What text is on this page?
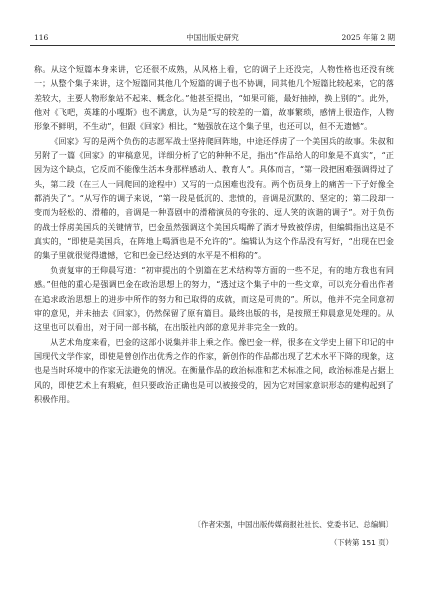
116	中国出版史研究	2025 年第 2 期

称。从这个短篇本身来讲，它还很不成熟，从风格上看，它的调子上还没完，人物性格也还没有统一；从整个集子来讲，这个短篇同其他几个短篇的调子也不协调，同其他几个短篇比较起来，它的落差较大，主要人物形象站不起来、概念化。”他甚至提出，“如果可能，最好抽掉，换上别的”。此外，他对《飞吧，英雄的小嘎斯》也不满意，认为是“写的较差的一篇，故事繁琐，感情上很造作，人物形象不鲜明，不生动”，但跟《回家》相比，“勉强放在这个集子里，也还可以，但不无遗憾”。

《回家》写的是两个负伤的志愿军战士坚持爬回阵地，中途还俘虏了一个美国兵的故事。朱叔和另附了一篇《回家》的审稿意见，详细分析了它的种种不足，指出“作品给人的印象是不真实”，“正因为这个缺点，它反而不能像生活本身那样感动人、教育人”。具体而言，“第一段把困难强调得过了头，第二段（在三人一同爬回的途程中）又写的一点困难也没有。两个伤员身上的痛苦一下子好像全都消失了”。“从写作的调子来说，“第一段是低沉的、悲愤的，音调是沉默的、坚定的；第二段却一变而为轻松的、滑稽的，音调是一种喜剧中的滑稽演员的夸张的、逗人笑的诙谐的调子”。对于负伤的战士俘虏美国兵的关键情节，巴金虽然强调这个美国兵喝醉了酒才导致被俘虏，但编辑指出这是不真实的，“即使是美国兵，在阵地上喝酒也是不允许的”。编辑认为这个作品没有写好，“出现在巴金的集子里就很觉得遗憾，它和巴金已经达到的水平是不相称的”。

负责复审的王仰晨写道：“初审提出的个别篇在艺术结构等方面的一些不足，有的地方我也有同感。”但他的重心是强调巴金在政治思想上的努力，“透过这个集子中的一些文章，可以充分看出作者在追求政治思想上的进步中所作的努力和已取得的成就，而这是可贵的”。所以，他并不完全同意初审的意见，并未抽去《回家》，仍然保留了原有篇目。最终出版的书，是按照王仰晨意见处理的。从这里也可以看出，对于同一部书稿，在出版社内部的意见并非完全一致的。

从艺术角度来看，巴金的这部小说集并非上乘之作。像巴金一样，很多在文学史上留下印记的中国现代文学作家，即使是曾创作出优秀之作的作家，新创作的作品都出现了艺术水平下降的现象，这也是当时环境中的作家无法避免的情况。在衡量作品的政治标准和艺术标准之间，政治标准是占据上风的，即使艺术上有瑕疵，但只要政治正确也是可以被接受的，因为它对国家意识形态的建构起到了积极作用。

〔作者宋强，中国出版传媒商报社社长、党委书记、总编辑〕
（下转第 151 页）
